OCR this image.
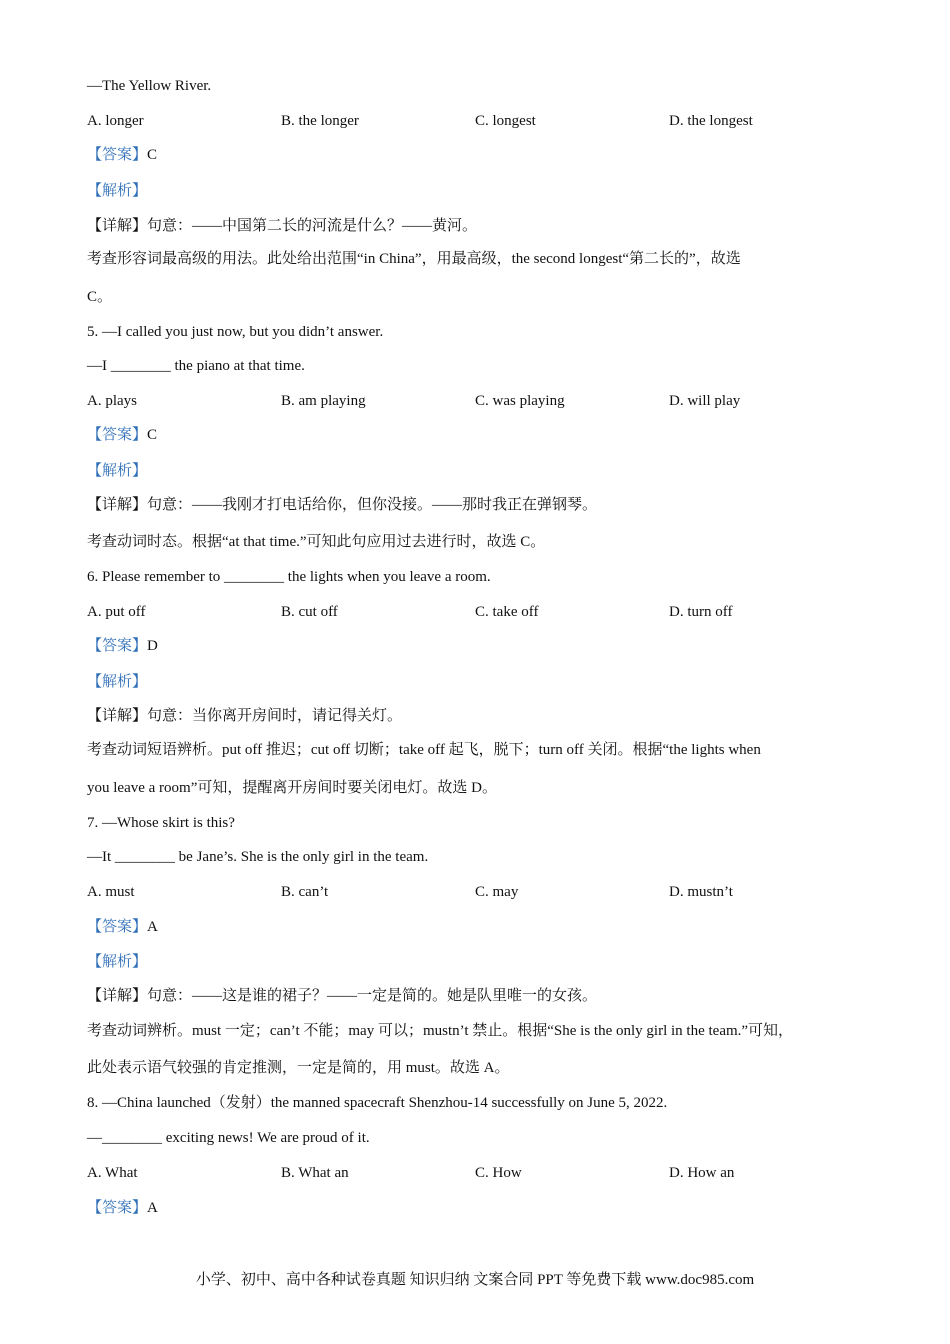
—The Yellow River.
A. longer	B. the longer	C. longest	D. the longest
【答案】C
【解析】
【详解】句意：——中国第二长的河流是什么？——黄河。
考查形容词最高级的用法。此处给出范围“in China”，用最高级，the second longest“第二长的”，故选
C。
5. —I called you just now, but you didn’t answer.
—I ________ the piano at that time.
A. plays	B. am playing	C. was playing	D. will play
【答案】C
【解析】
【详解】句意：——我刚才打电话给你，但你没接。——那时我正在弹钢琴。
考查动词时态。根据“at that time.”可知此句应用过去进行时，故选 C。
6. Please remember to ________ the lights when you leave a room.
A. put off	B. cut off	C. take off	D. turn off
【答案】D
【解析】
【详解】句意：当你离开房间时，请记得关灯。
考查动词短语辨析。put off 推迟；cut off 切断；take off 起飞，脱下；turn off 关闭。根据“the lights when
you leave a room”可知，提醒离开房间时要关闭电灯。故选 D。
7. —Whose skirt is this?
—It ________ be Jane’s. She is the only girl in the team.
A. must	B. can’t	C. may	D. mustn’t
【答案】A
【解析】
【详解】句意：——这是谁的裙子？——一定是简的。她是队里唯一的女孩。
考查动词辨析。must 一定；can’t 不能；may 可以；mustn’t 禁止。根据“She is the only girl in the team.”可知，
此处表示语气较强的肯定推测，一定是简的，用 must。故选 A。
8. —China launched（发射）the manned spacecraft Shenzhou-14 successfully on June 5, 2022.
—________ exciting news! We are proud of it.
A. What	B. What an	C. How	D. How an
【答案】A
小学、初中、高中各种试卷真题 知识归纳 文案合同 PPT 等免费下载 www.doc985.com
